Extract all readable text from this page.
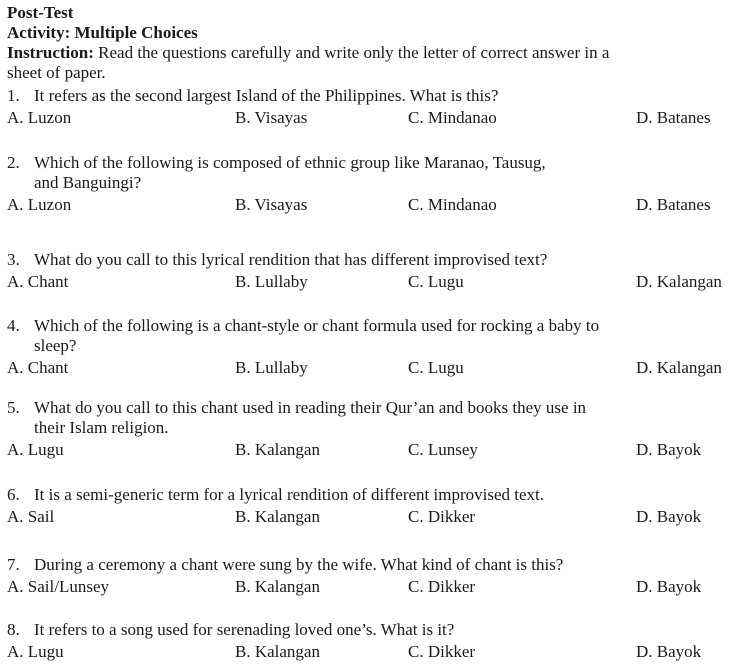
Post-Test
Activity: Multiple Choices
Instruction: Read the questions carefully and write only the letter of correct answer in a
sheet of paper.
1. It refers as the second largest Island of the Philippines. What is this?
A. Luzon	B. Visayas	C. Mindanao	D. Batanes
2. Which of the following is composed of ethnic group like Maranao, Tausug,
and Banguingi?
A. Luzon	B. Visayas	C. Mindanao	D. Batanes
3. What do you call to this lyrical rendition that has different improvised text?
A. Chant	B. Lullaby	C. Lugu	D. Kalangan
4. Which of the following is a chant-style or chant formula used for rocking a baby to
sleep?
A. Chant	B. Lullaby	C. Lugu	D. Kalangan
5. What do you call to this chant used in reading their Qur’an and books they use in
their Islam religion.
A. Lugu	B. Kalangan	C. Lunsey	D. Bayok
6. It is a semi-generic term for a lyrical rendition of different improvised text.
A. Sail	B. Kalangan	C. Dikker	D. Bayok
7. During a ceremony a chant were sung by the wife. What kind of chant is this?
A. Sail/Lunsey	B. Kalangan	C. Dikker	D. Bayok
8. It refers to a song used for serenading loved one’s. What is it?
A. Lugu	B. Kalangan	C. Dikker	D. Bayok
